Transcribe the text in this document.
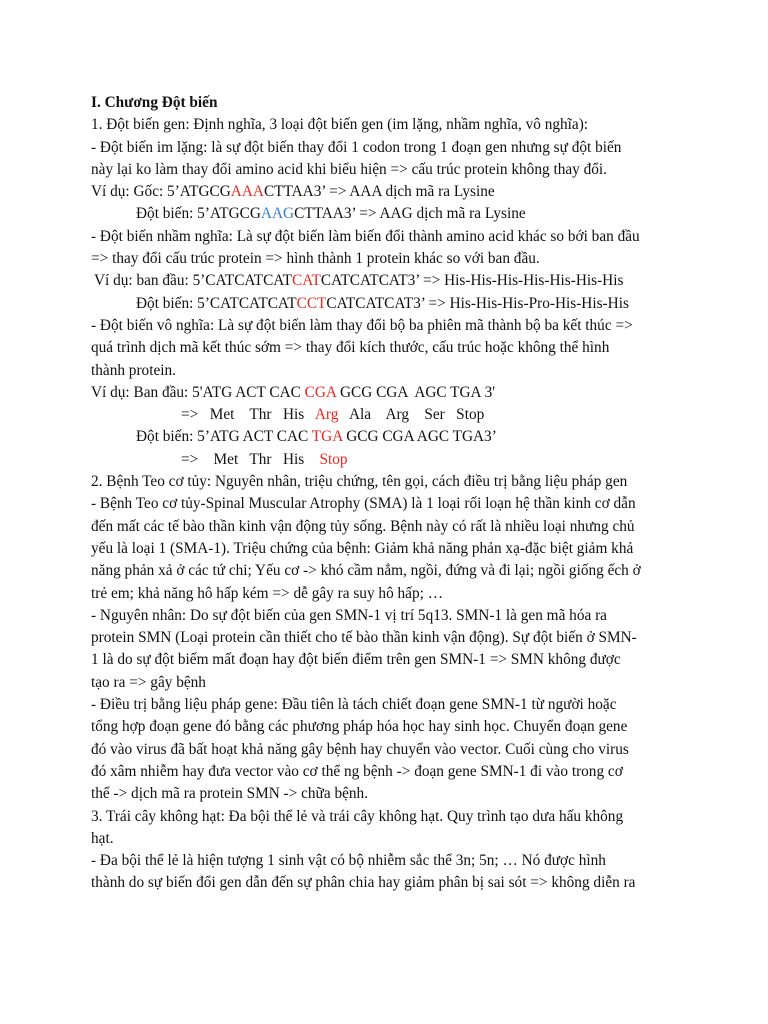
I. Chương Đột biến
1. Đột biến gen: Định nghĩa, 3 loại đột biến gen (im lặng, nhầm nghĩa, vô nghĩa):
- Đột biến im lặng: là sự đột biến thay đổi 1 codon trong 1 đoạn gen nhưng sự đột biến
này lại ko làm thay đổi amino acid khi biểu hiện => cấu trúc protein không thay đổi.
Ví dụ: Gốc: 5’ATGCGAAACTTAA3’ => AAA dịch mã ra Lysine
Đột biến: 5’ATGCGAAGCTTAA3’ => AAG dịch mã ra Lysine
- Đột biến nhầm nghĩa: Là sự đột biến làm biến đổi thành amino acid khác so bới ban đầu
=> thay đổi cấu trúc protein => hình thành 1 protein khác so với ban đầu.
Ví dụ: ban đầu: 5’CATCATCATCATCATCATCAT3’ => His-His-His-His-His-His-His
Đột biến: 5’CATCATCATCCTCATCATCAT3’ => His-His-His-Pro-His-His-His
- Đột biến vô nghĩa: Là sự đột biến làm thay đổi bộ ba phiên mã thành bộ ba kết thúc =>
quá trình dịch mã kết thúc sớm => thay đổi kích thước, cấu trúc hoặc không thể hình
thành protein.
Ví dụ: Ban đầu: 5'ATG ACT CAC CGA GCG CGA  AGC TGA 3'
=>   Met    Thr   His   Arg   Ala    Arg    Ser   Stop
Đột biến: 5’ATG ACT CAC TGA GCG CGA AGC TGA3’
=>    Met   Thr   His    Stop
2. Bệnh Teo cơ tủy: Nguyên nhân, triệu chứng, tên gọi, cách điều trị bằng liệu pháp gen
- Bệnh Teo cơ tủy-Spinal Muscular Atrophy (SMA) là 1 loại rối loạn hệ thần kinh cơ dẫn
đến mất các tế bào thần kinh vận động tủy sống. Bệnh này có rất là nhiều loại nhưng chủ
yếu là loại 1 (SMA-1). Triệu chứng của bệnh: Giảm khả năng phản xạ-đặc biệt giảm khả
năng phản xả ở các tứ chi; Yếu cơ -> khó cầm nắm, ngồi, đứng và đi lại; ngồi giống ếch ở
trẻ em; khả năng hô hấp kém => dễ gây ra suy hô hấp; …
- Nguyên nhân: Do sự đột biến của gen SMN-1 vị trí 5q13. SMN-1 là gen mã hóa ra
protein SMN (Loại protein cần thiết cho tế bào thần kinh vận động). Sự đột biến ở SMN-
1 là do sự đột biếm mất đoạn hay đột biến điểm trên gen SMN-1 => SMN không được
tạo ra => gây bệnh
- Điều trị bằng liệu pháp gene: Đầu tiên là tách chiết đoạn gene SMN-1 từ người hoặc
tổng hợp đoạn gene đó bằng các phương pháp hóa học hay sinh học. Chuyển đoạn gene
đó vào virus đã bất hoạt khả năng gây bệnh hay chuyển vào vector. Cuối cùng cho virus
đó xâm nhiễm hay đưa vector vào cơ thể ng bệnh -> đoạn gene SMN-1 đi vào trong cơ
thể -> dịch mã ra protein SMN -> chữa bệnh.
3. Trái cây không hạt: Đa bội thể lẻ và trái cây không hạt. Quy trình tạo dưa hấu không
hạt.
- Đa bội thể lẻ là hiện tượng 1 sinh vật có bộ nhiễm sắc thể 3n; 5n; … Nó được hình
thành do sự biến đổi gen dẫn đến sự phân chia hay giảm phân bị sai sót => không diễn ra
